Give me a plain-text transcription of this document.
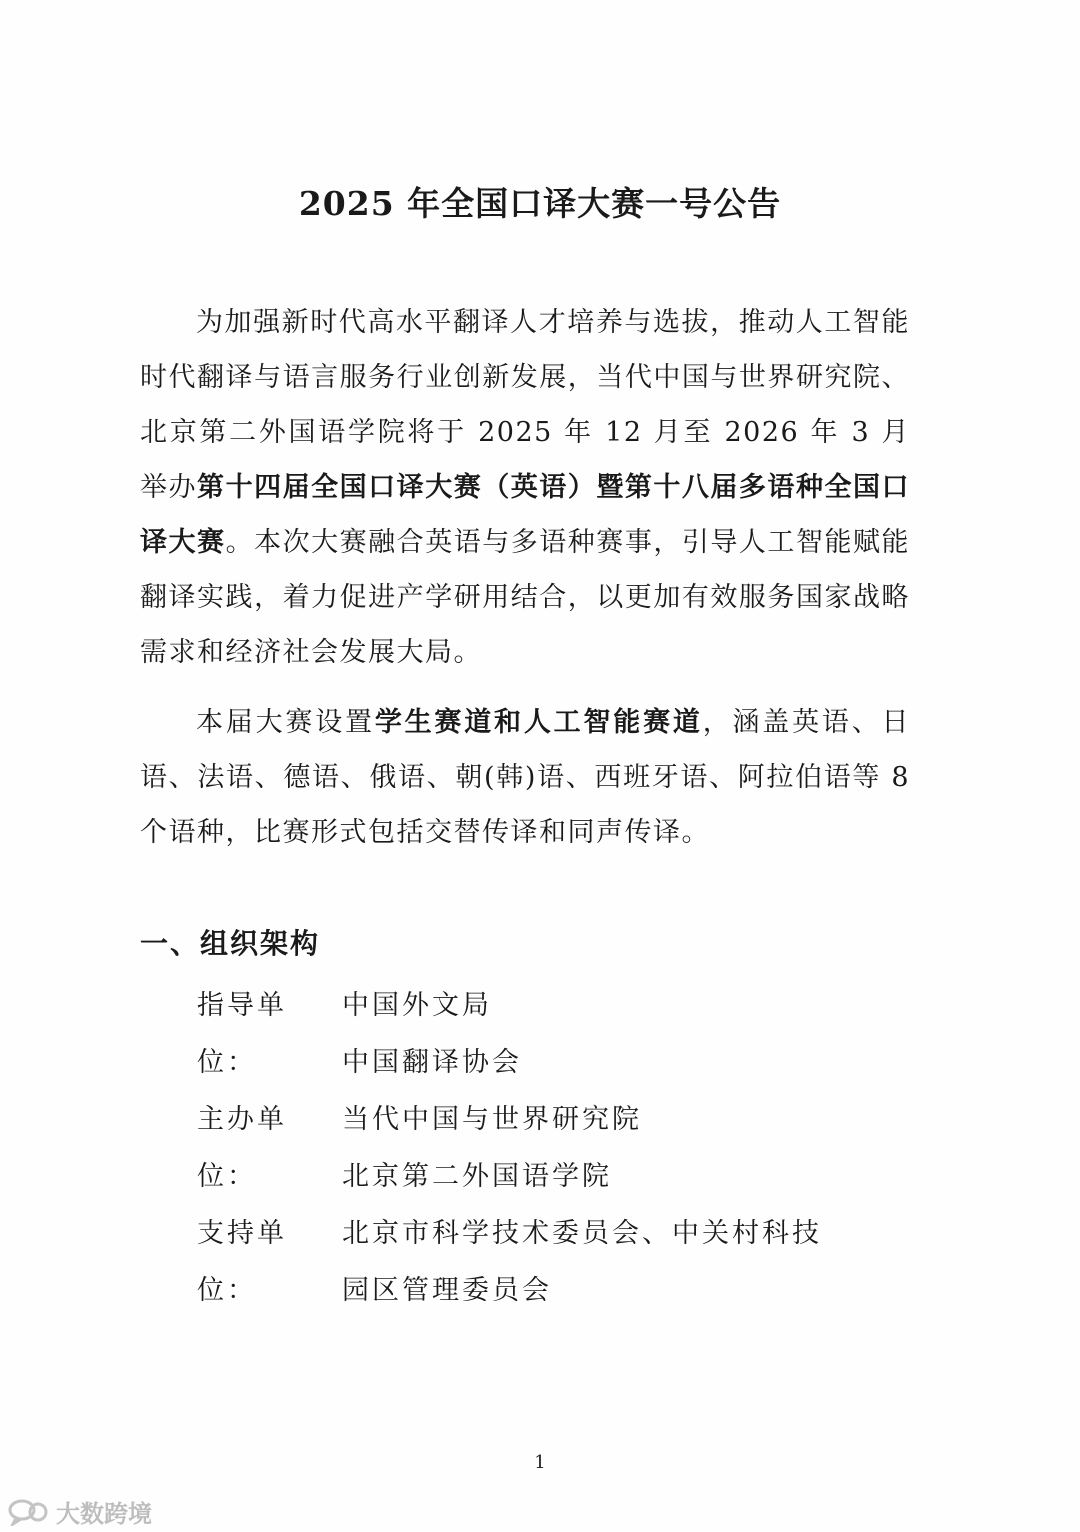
2025 年全国口译大赛一号公告
为加强新时代高水平翻译人才培养与选拔，推动人工智能时代翻译与语言服务行业创新发展，当代中国与世界研究院、北京第二外国语学院将于 2025 年 12 月至 2026 年 3 月举办第十四届全国口译大赛（英语）暨第十八届多语种全国口译大赛。本次大赛融合英语与多语种赛事，引导人工智能赋能翻译实践，着力促进产学研用结合，以更加有效服务国家战略需求和经济社会发展大局。
本届大赛设置学生赛道和人工智能赛道，涵盖英语、日语、法语、德语、俄语、朝(韩)语、西班牙语、阿拉伯语等 8 个语种，比赛形式包括交替传译和同声传译。
一、组织架构
指导单位：
中国外文局
中国翻译协会
主办单位：
当代中国与世界研究院
北京第二外国语学院
支持单位：
北京市科学技术委员会、中关村科技
园区管理委员会
1
大数跨境
